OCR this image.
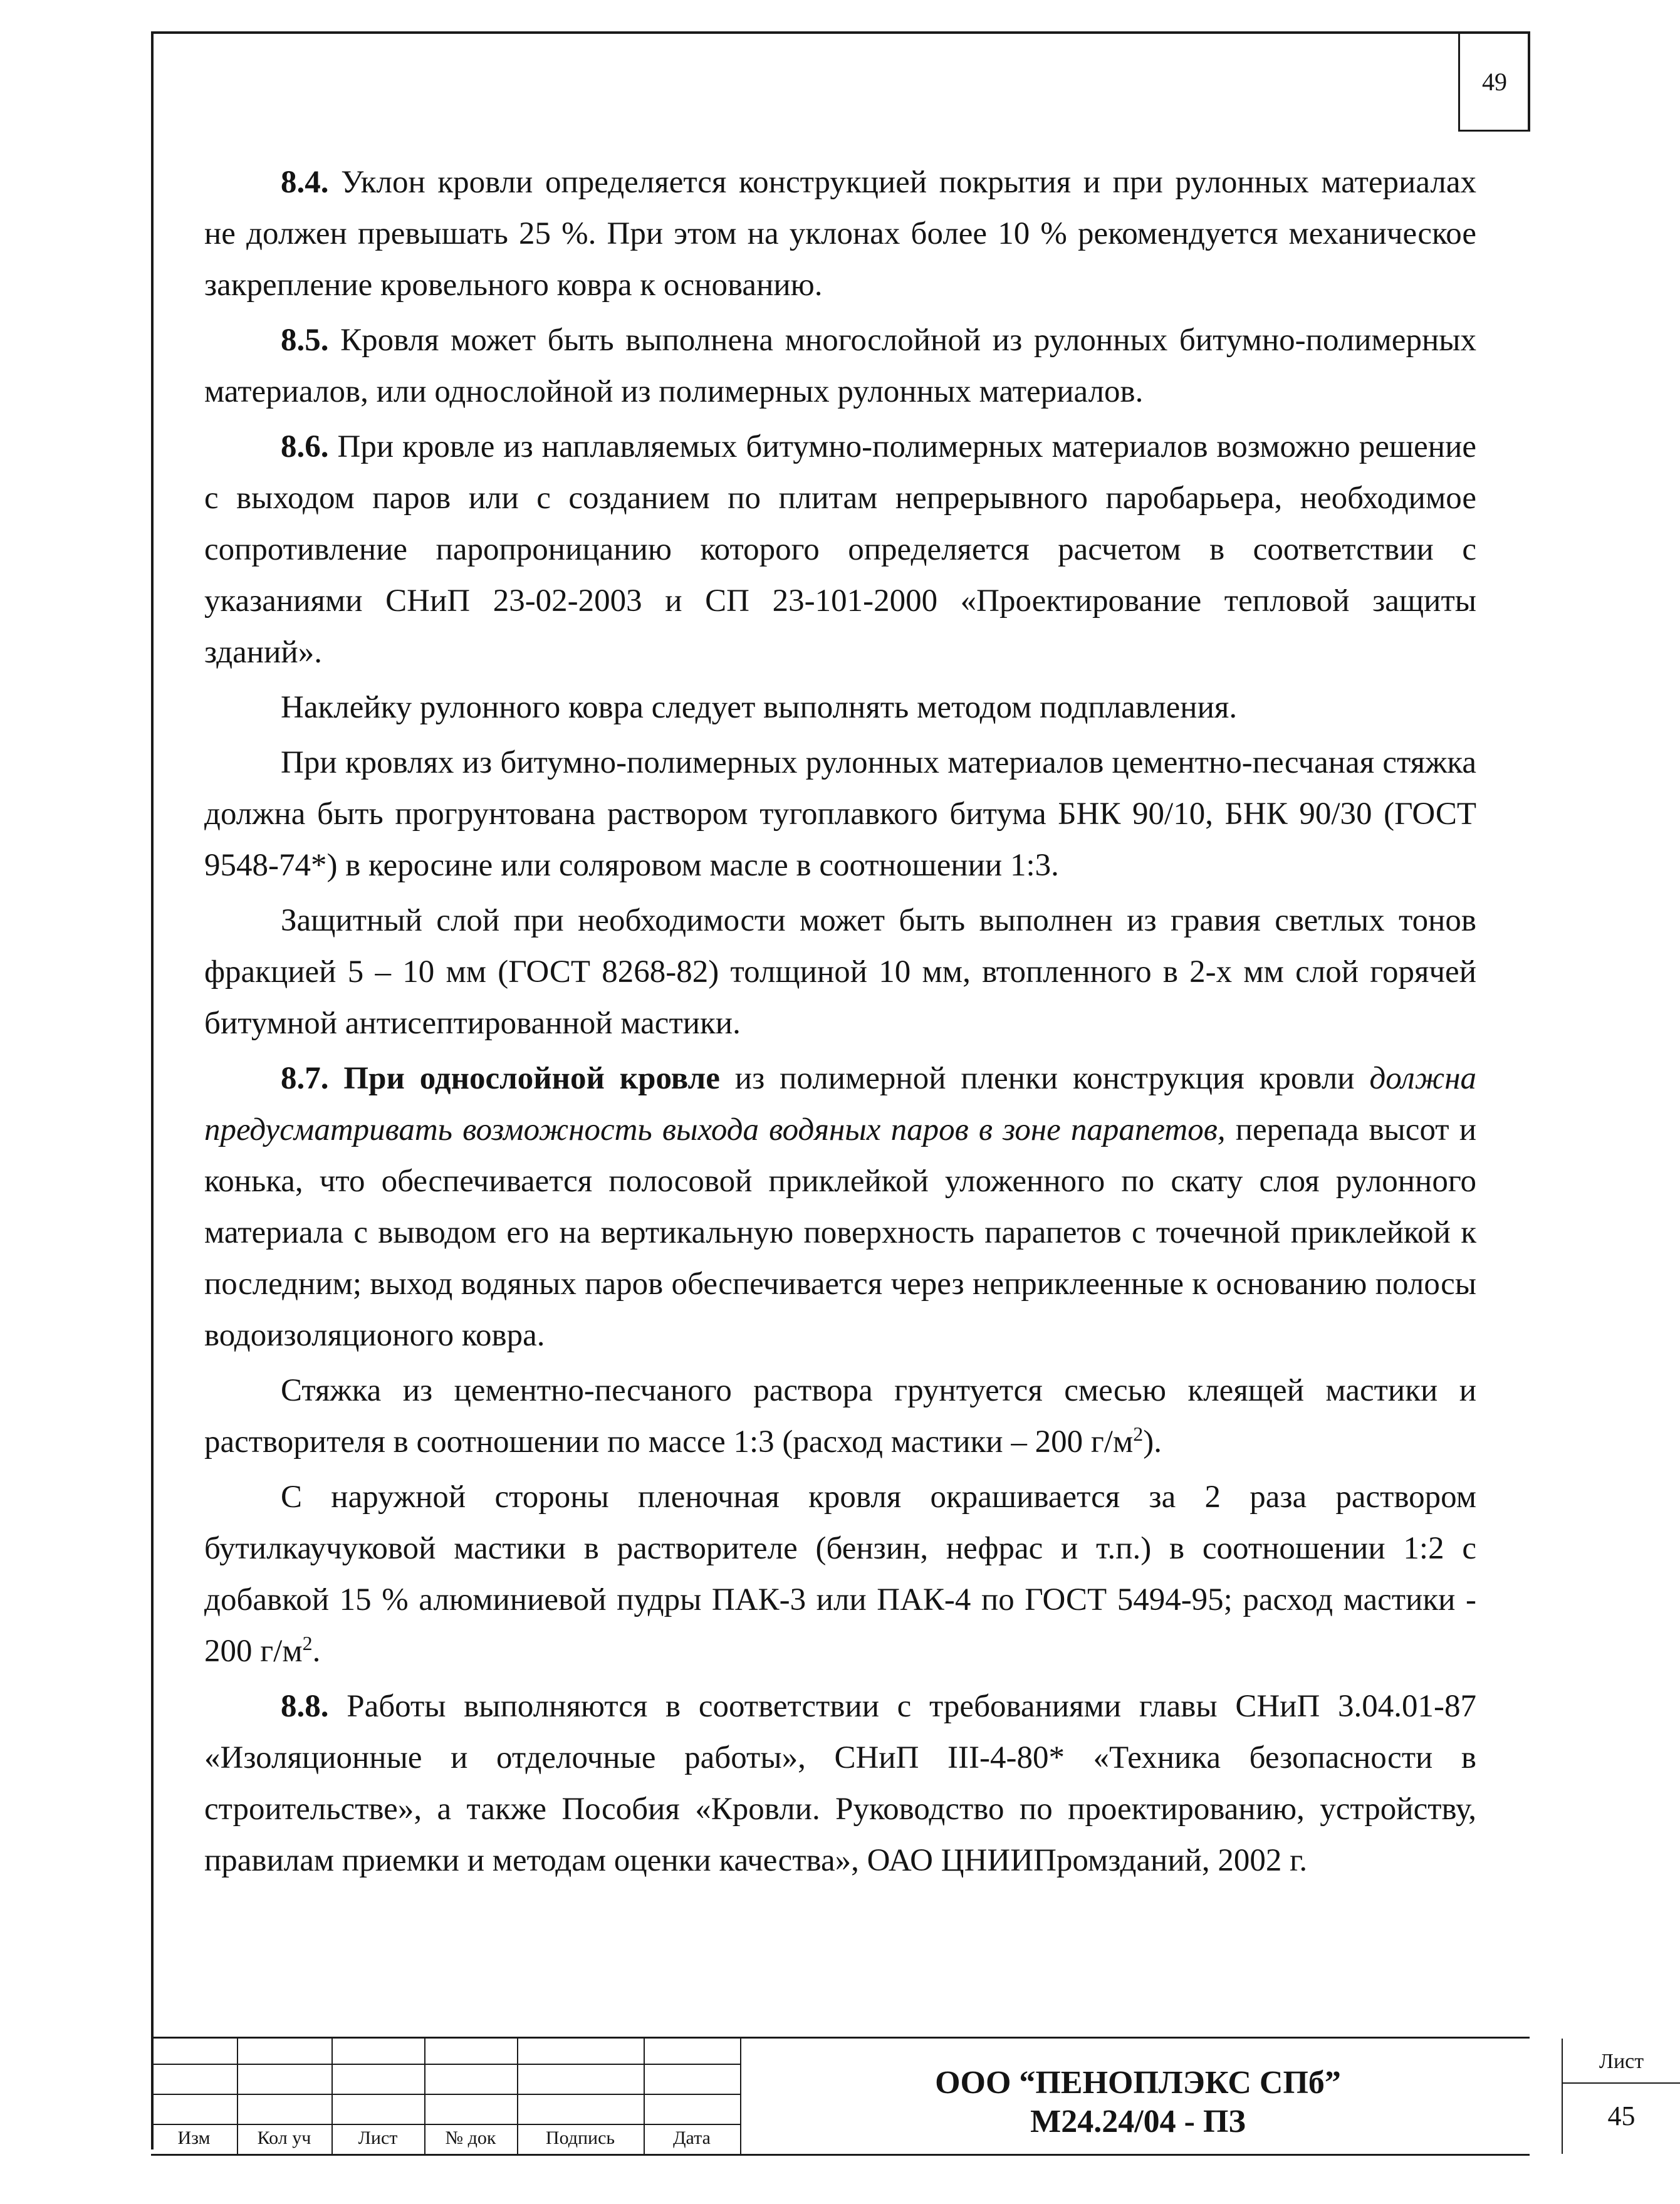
49

8.4. Уклон кровли определяется конструкцией покрытия и при рулонных материалах не должен превышать 25 %. При этом на уклонах более 10 % рекомендуется механическое закрепление кровельного ковра к основанию.

8.5. Кровля может быть выполнена многослойной из рулонных битумно-полимерных материалов, или однослойной из полимерных рулонных материалов.

8.6. При кровле из наплавляемых битумно-полимерных материалов возможно решение с выходом паров или с созданием по плитам непрерывного паробарьера, необходимое сопротивление паропроницанию которого определяется расчетом в соответствии с указаниями СНиП 23-02-2003 и СП 23-101-2000 «Проектирование тепловой защиты зданий».

Наклейку рулонного ковра следует выполнять методом подплавления.

При кровлях из битумно-полимерных рулонных материалов цементно-песчаная стяжка должна быть прогрунтована раствором тугоплавкого битума БНК 90/10, БНК 90/30 (ГОСТ 9548-74*) в керосине или соляровом масле в соотношении 1:3.

Защитный слой при необходимости может быть выполнен из гравия светлых тонов фракцией 5 – 10 мм (ГОСТ 8268-82) толщиной 10 мм, втопленного в 2-х мм слой горячей битумной антисептированной мастики.

8.7. При однослойной кровле из полимерной пленки конструкция кровли должна предусматривать возможность выхода водяных паров в зоне парапетов, перепада высот и конька, что обеспечивается полосовой приклейкой уложенного по скату слоя рулонного материала с выводом его на вертикальную поверхность парапетов с точечной приклейкой к последним; выход водяных паров обеспечивается через неприклеенные к основанию полосы водоизоляционого ковра.

Стяжка из цементно-песчаного раствора грунтуется смесью клеящей мастики и растворителя в соотношении по массе 1:3 (расход мастики – 200 $г/м^2$).

С наружной стороны пленочная кровля окрашивается за 2 раза раствором бутилкаучуковой мастики в растворителе (бензин, нефрас и т.п.) в соотношении 1:2 с добавкой 15 % алюминиевой пудры ПАК-3 или ПАК-4 по ГОСТ 5494-95; расход мастики - 200 $г/м^2$.

8.8. Работы выполняются в соответствии с требованиями главы СНиП 3.04.01-87 «Изоляционные и отделочные работы», СНиП III-4-80* «Техника безопасности в строительстве», а также Пособия «Кровли. Руководство по проектированию, устройству, правилам приемки и методам оценки качества», ОАО ЦНИИПромзданий, 2002 г.

Изм	Кол уч	Лист	№ док	Подпись	Дата
ООО “ПЕНОПЛЭКС СПб”
М24.24/04 - ПЗ
Лист
45
